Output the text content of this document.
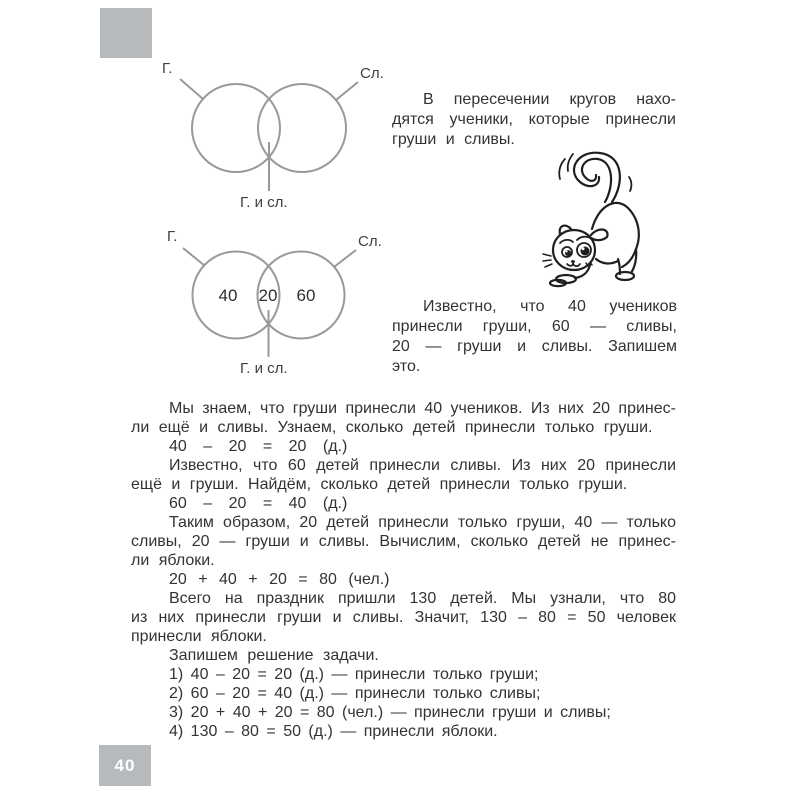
Г.	Сл.
Г. и сл.
Г.	Сл.
40 20 60
Г. и сл.
В пересечении кругов нахо-
дятся ученики, которые принесли
груши и сливы.
Известно, что 40 учеников
принесли груши, 60 — сливы,
20 — груши и сливы. Запишем
это.
Мы знаем, что груши принесли 40 учеников. Из них 20 принес-
ли ещё и сливы. Узнаем, сколько детей принесли только груши.
40 – 20 = 20 (д.)
Известно, что 60 детей принесли сливы. Из них 20 принесли
ещё и груши. Найдём, сколько детей принесли только груши.
60 – 20 = 40 (д.)
Таким образом, 20 детей принесли только груши, 40 — только
сливы, 20 — груши и сливы. Вычислим, сколько детей не принес-
ли яблоки.
20 + 40 + 20 = 80 (чел.)
Всего на праздник пришли 130 детей. Мы узнали, что 80
из них принесли груши и сливы. Значит, 130 – 80 = 50 человек
принесли яблоки.
Запишем решение задачи.
1) 40 – 20 = 20 (д.) — принесли только груши;
2) 60 – 20 = 40 (д.) — принесли только сливы;
3) 20 + 40 + 20 = 80 (чел.) — принесли груши и сливы;
4) 130 – 80 = 50 (д.) — принесли яблоки.
40
